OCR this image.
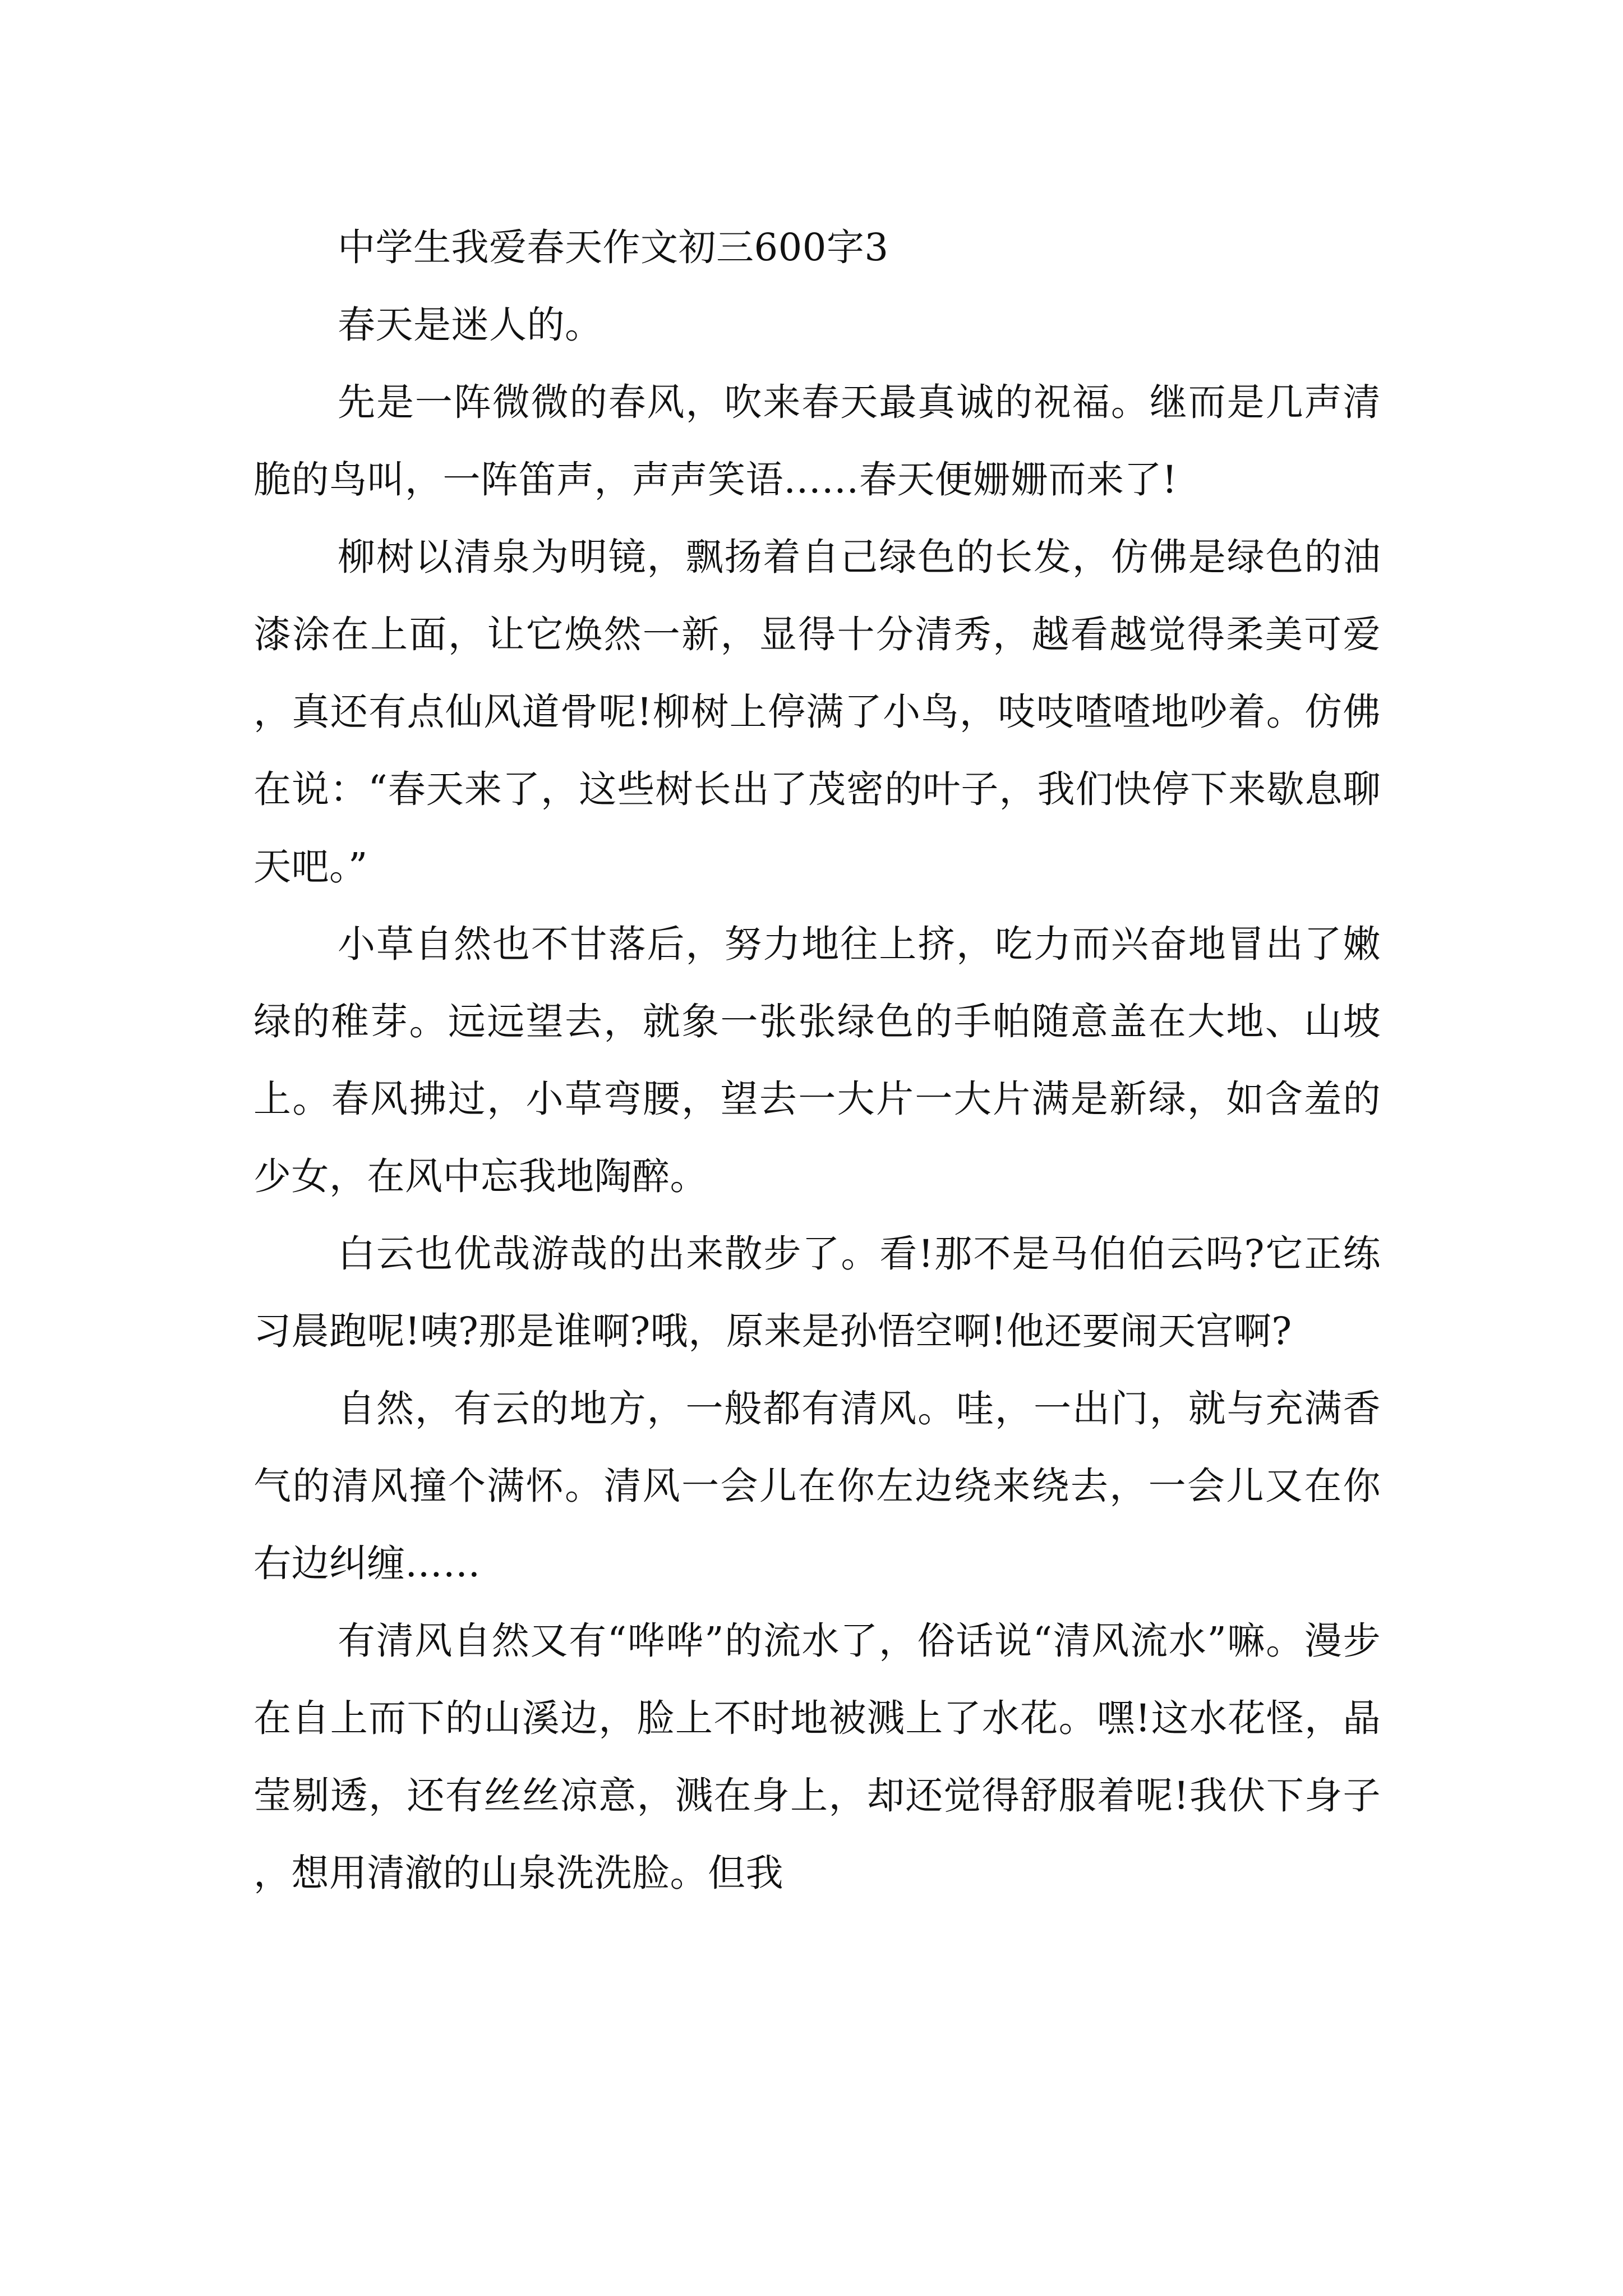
中学生我爱春天作文初三600字3

春天是迷人的。

先是一阵微微的春风，吹来春天最真诚的祝福。继而是几声清脆的鸟叫，一阵笛声，声声笑语……春天便姗姗而来了!

柳树以清泉为明镜，飘扬着自己绿色的长发，仿佛是绿色的油漆涂在上面，让它焕然一新，显得十分清秀，越看越觉得柔美可爱，真还有点仙风道骨呢!柳树上停满了小鸟，吱吱喳喳地吵着。仿佛在说：“春天来了，这些树长出了茂密的叶子，我们快停下来歇息聊天吧。”

小草自然也不甘落后，努力地往上挤，吃力而兴奋地冒出了嫩绿的稚芽。远远望去，就象一张张绿色的手帕随意盖在大地、山坡上。春风拂过，小草弯腰，望去一大片一大片满是新绿，如含羞的少女，在风中忘我地陶醉。

白云也优哉游哉的出来散步了。看!那不是马伯伯云吗?它正练习晨跑呢!咦?那是谁啊?哦，原来是孙悟空啊!他还要闹天宫啊?

自然，有云的地方，一般都有清风。哇，一出门，就与充满香气的清风撞个满怀。清风一会儿在你左边绕来绕去，一会儿又在你右边纠缠……

有清风自然又有“哗哗”的流水了，俗话说“清风流水”嘛。漫步在自上而下的山溪边，脸上不时地被溅上了水花。嘿!这水花怪，晶莹剔透，还有丝丝凉意，溅在身上，却还觉得舒服着呢!我伏下身子，想用清澈的山泉洗洗脸。但我
